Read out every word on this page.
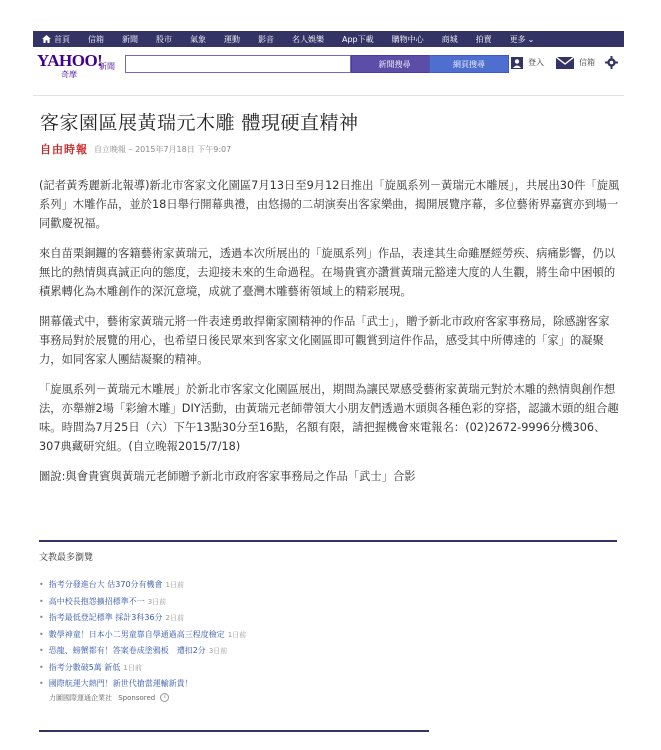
首頁	信箱	新聞	股市	氣象	運動	影音	名人娛樂	App下載	購物中心	商城	拍賣	更多 ⌄
YAHOO!
奇摩
新聞	新聞搜尋	網頁搜尋	登入	信箱
客家園區展黃瑞元木雕 體現硬直精神
自由時報 自立晚報 – 2015年7月18日 下午9:07

(記者黃秀麗新北報導)新北市客家文化園區7月13日至9月12日推出「旋風系列－黃瑞元木雕展」，共展出30件「旋風系列」木雕作品，並於18日舉行開幕典禮，由悠揚的二胡演奏出客家樂曲，揭開展覽序幕，多位藝術界嘉賓亦到場一同歡慶祝福。

來自苗栗銅鑼的客籍藝術家黃瑞元，透過本次所展出的「旋風系列」作品，表達其生命雖歷經勞疾、病痛影響，仍以無比的熱情與真誠正向的態度，去迎接未來的生命過程。在場貴賓亦讚賞黃瑞元豁達大度的人生觀，將生命中困頓的積累轉化為木雕創作的深沉意境，成就了臺灣木雕藝術領域上的精彩展現。

開幕儀式中，藝術家黃瑞元將一件表達勇敢捍衛家園精神的作品「武士」，贈予新北市政府客家事務局，除感謝客家事務局對於展覽的用心，也希望日後民眾來到客家文化園區即可觀賞到這件作品，感受其中所傳達的「家」的凝聚力，如同客家人團結凝聚的精神。

「旋風系列－黃瑞元木雕展」於新北市客家文化園區展出，期間為讓民眾感受藝術家黃瑞元對於木雕的熱情與創作想法，亦舉辦2場「彩繪木雕」DIY活動，由黃瑞元老師帶領大小朋友們透過木頭與各種色彩的穿搭，認識木頭的組合趣味。時間為7月25日（六）下午13點30分至16點，名額有限，請把握機會來電報名：(02)2672-9996分機306、307典藏研究組。(自立晚報2015/7/18)

圖說:與會貴賓與黃瑞元老師贈予新北市政府客家事務局之作品「武士」合影

文教最多瀏覽
• 指考分發進台大 估370分有機會 1日前
• 高中校長抱怨擴招標準不一 3日前
• 指考最低登記標準 採計3科36分 2日前
• 數學神童！日本小二男童靠自學通過高三程度檢定 1日前
• 恐龍、螃蟹都有！答案卷成塗鴉板　遭扣2分 3日前
• 指考分數破5萬 新低 1日前
• 國際航運大熱門！新世代搶當運輸新貴！
力圖國際運通企業社 Sponsored i
